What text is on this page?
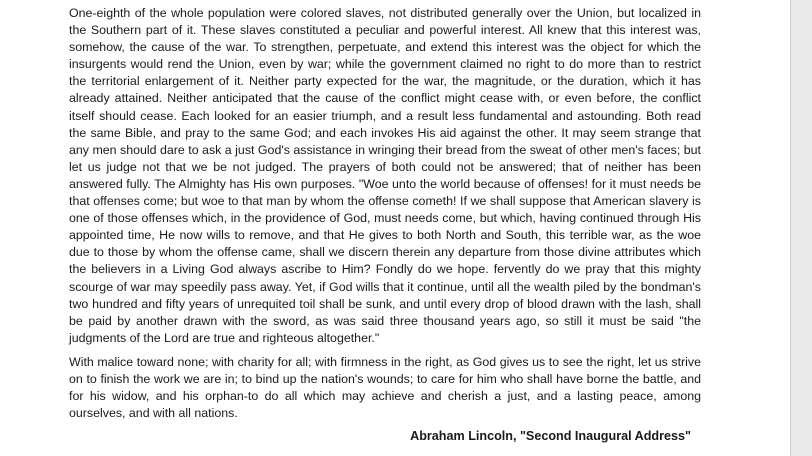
One-eighth of the whole population were colored slaves, not distributed generally over the Union, but localized in the Southern part of it. These slaves constituted a peculiar and powerful interest. All knew that this interest was, somehow, the cause of the war. To strengthen, perpetuate, and extend this interest was the object for which the insurgents would rend the Union, even by war; while the government claimed no right to do more than to restrict the territorial enlargement of it. Neither party expected for the war, the magnitude, or the duration, which it has already attained. Neither anticipated that the cause of the conflict might cease with, or even before, the conflict itself should cease. Each looked for an easier triumph, and a result less fundamental and astounding. Both read the same Bible, and pray to the same God; and each invokes His aid against the other. It may seem strange that any men should dare to ask a just God's assistance in wringing their bread from the sweat of other men's faces; but let us judge not that we be not judged. The prayers of both could not be answered; that of neither has been answered fully. The Almighty has His own purposes. "Woe unto the world because of offenses! for it must needs be that offenses come; but woe to that man by whom the offense cometh! If we shall suppose that American slavery is one of those offenses which, in the providence of God, must needs come, but which, having continued through His appointed time, He now wills to remove, and that He gives to both North and South, this terrible war, as the woe due to those by whom the offense came, shall we discern therein any departure from those divine attributes which the believers in a Living God always ascribe to Him? Fondly do we hope. fervently do we pray that this mighty scourge of war may speedily pass away. Yet, if God wills that it continue, until all the wealth piled by the bondman's two hundred and fifty years of unrequited toil shall be sunk, and until every drop of blood drawn with the lash, shall be paid by another drawn with the sword, as was said three thousand years ago, so still it must be said "the judgments of the Lord are true and righteous altogether."

With malice toward none; with charity for all; with firmness in the right, as God gives us to see the right, let us strive on to finish the work we are in; to bind up the nation's wounds; to care for him who shall have borne the battle, and for his widow, and his orphan-to do all which may achieve and cherish a just, and a lasting peace, among ourselves, and with all nations.

Abraham Lincoln, "Second Inaugural Address"
